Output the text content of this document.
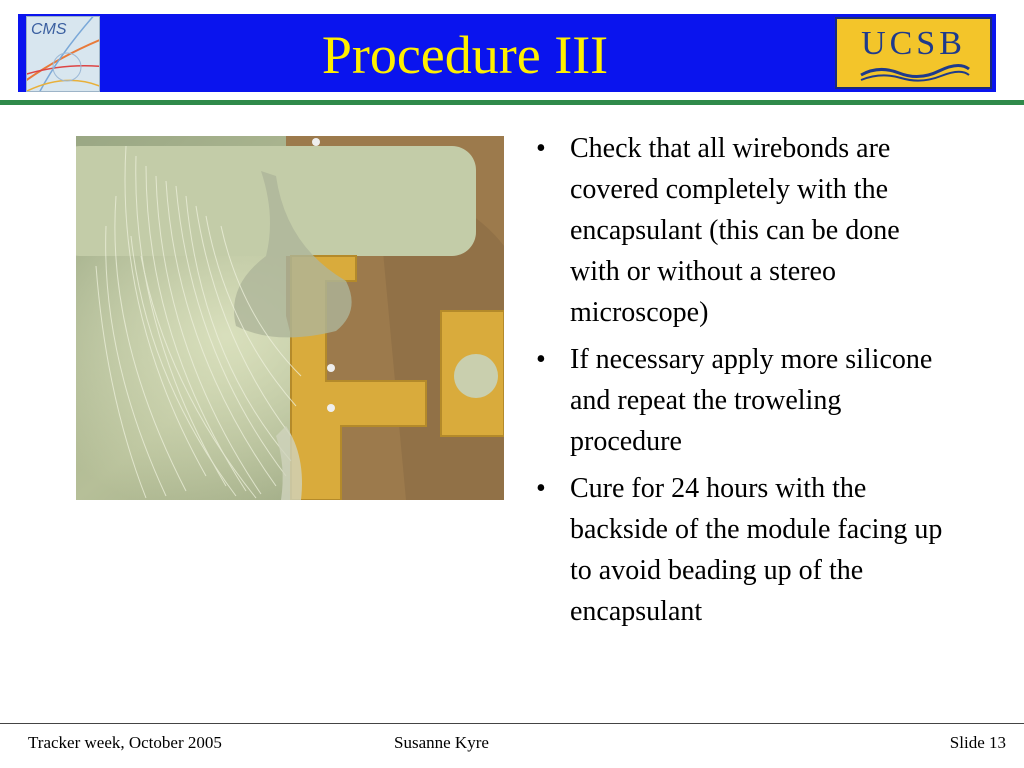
CMS	Procedure III	UCSB
• Check that all wirebonds are covered completely with the encapsulant (this can be done with or without a stereo microscope)
• If necessary apply more silicone and repeat the troweling procedure
• Cure for 24 hours with the backside of the module facing up to avoid beading up of the encapsulant
Tracker week, October 2005	Susanne Kyre	Slide 13
